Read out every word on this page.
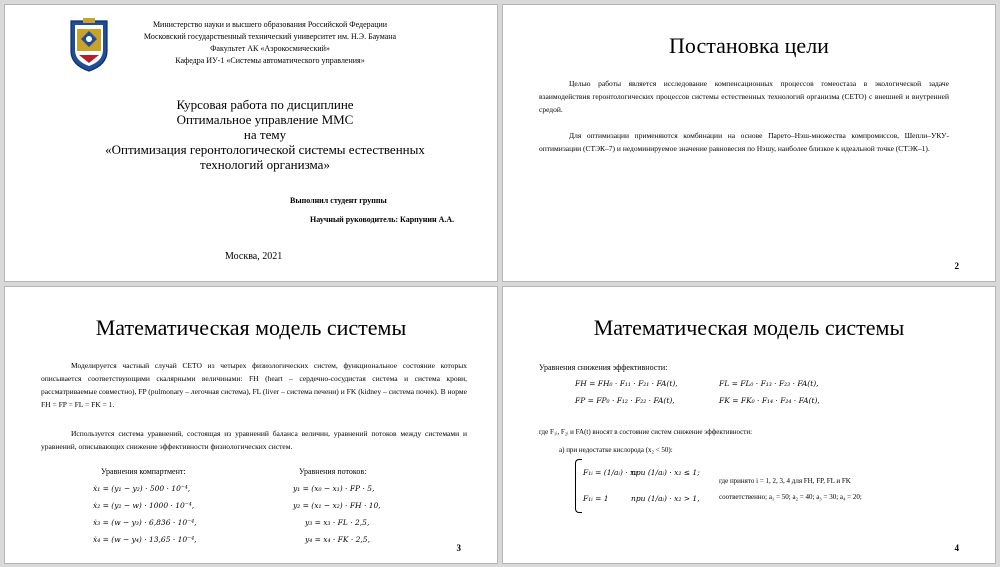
Министерство науки и высшего образования Российской Федерации
Московский государственный технический университет им. Н.Э. Баумана
Факультет АК «Аэрокосмический»
Кафедра ИУ-1 «Системы автоматического управления»
Курсовая работа по дисциплине
Оптимальное управление ММС
на тему
«Оптимизация геронтологической системы естественных
технологий организма»
Выполнил студент группы
Научный руководитель: Карпунин А.А.
Москва, 2021
Постановка цели
Целью работы является исследование компенсационных процессов гомеостаза в экологической задаче взаимодействия геронтологических процессов системы естественных технологий организма (СЕТО) с внешней и внутренней средой.
Для оптимизации применяются комбинации на основе Парето–Нэш-множества компромиссов, Шепли–УКУ-оптимизации (СТЭК–7) и недоминируемое значение равновесия по Нэшу, наиболее близкое к идеальной точке (СТЭК–1).
2
Математическая модель системы
Моделируется частный случай СЕТО из четырех физиологических систем, функциональное состояние которых описывается соответствующими скалярными величинами: FH (heart – сердечно-сосудистая система и система крови, рассматриваемые совместно), FP (pulmonary – легочная система), FL (liver – система печени) и FK (kidney – система почек). В норме FH = FP = FL = FK = 1.
Используется система уравнений, состоящая из уравнений баланса величин, уравнений потоков между системами и уравнений, описывающих снижение эффективности физиологических систем.
Уравнения компартмент:	Уравнения потоков:
ẋ₁ = (y₁ − y₂) · 500 · 10⁻⁴,
ẋ₂ = (y₂ − w) · 1000 · 10⁻⁴,
ẋ₃ = (w − y₃) · 6,836 · 10⁻⁴,
ẋ₄ = (w − y₄) · 13,65 · 10⁻⁴,
y₁ = (x₀ − x₁) · FP · 5,
y₂ = (x₁ − x₂) · FH · 10,
y₃ = x₃ · FL · 2,5,
y₄ = x₄ · FK · 2,5,
3
Математическая модель системы
Уравнения снижения эффективности:
FH = FH₀ · F₁₁ · F₂₁ · FA(t),
FP = FP₀ · F₁₂ · F₂₂ · FA(t),
FL = FL₀ · F₁₃ · F₂₃ · FA(t),
FK = FK₀ · F₁₄ · F₂₄ · FA(t),
где F₁ᵢ, F₂ᵢ и FA(t) вносят в состояние систем снижение эффективности:
а) при недостатке кислорода (x₂ < 50):
F₁ᵢ = (1/aᵢ) · x₂
при (1/aᵢ) · x₂ ≤ 1;
F₁ᵢ = 1	при (1/aᵢ) · x₂ > 1,
где принято i = 1, 2, 3, 4 для FH, FP, FL и FK
соответственно; a₁ = 50; a₂ = 40; a₃ = 30; a₄ = 20;
4
